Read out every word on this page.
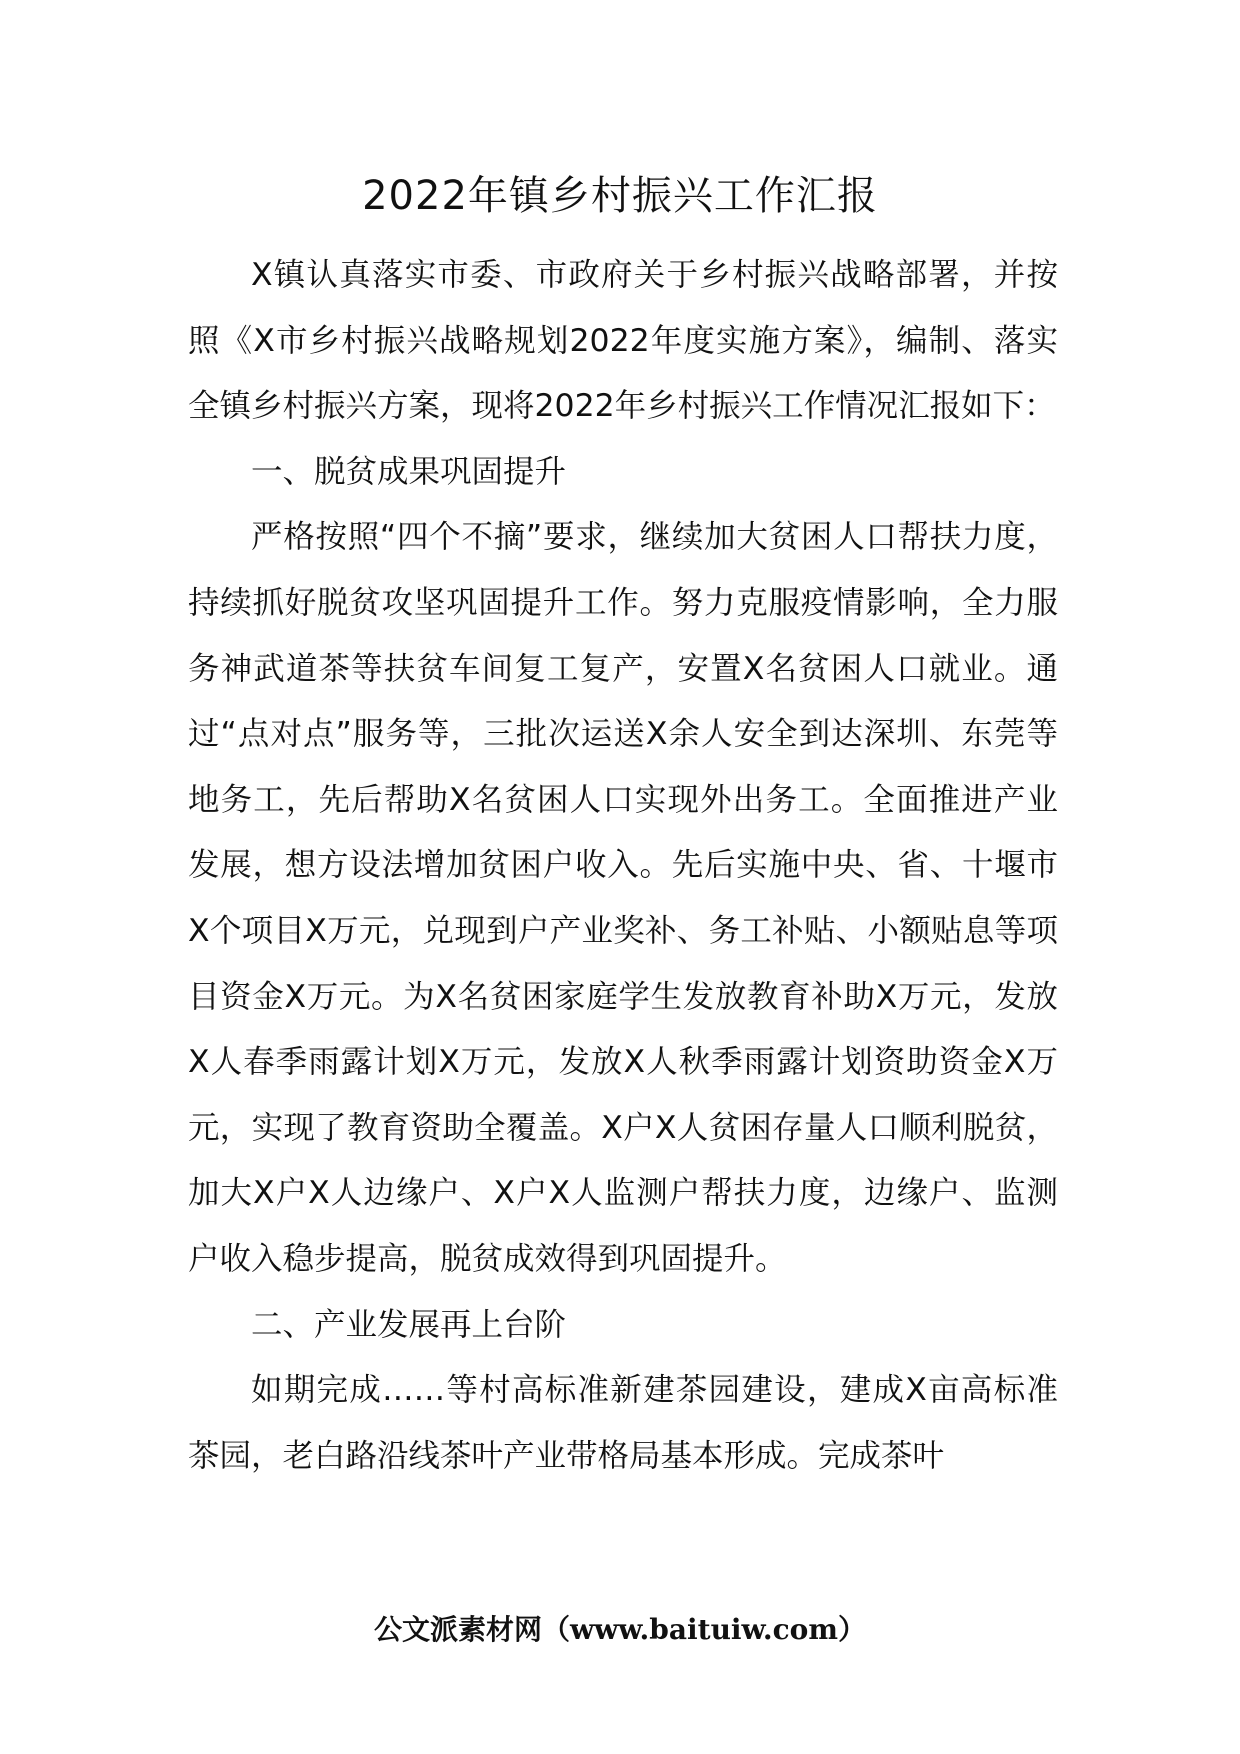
2022年镇乡村振兴工作汇报

X镇认真落实市委、市政府关于乡村振兴战略部署，并按照《X市乡村振兴战略规划2022年度实施方案》，编制、落实全镇乡村振兴方案，现将2022年乡村振兴工作情况汇报如下：

一、脱贫成果巩固提升

严格按照“四个不摘”要求，继续加大贫困人口帮扶力度，持续抓好脱贫攻坚巩固提升工作。努力克服疫情影响，全力服务神武道茶等扶贫车间复工复产，安置X名贫困人口就业。通过“点对点”服务等，三批次运送X余人安全到达深圳、东莞等地务工，先后帮助X名贫困人口实现外出务工。全面推进产业发展，想方设法增加贫困户收入。先后实施中央、省、十堰市X个项目X万元，兑现到户产业奖补、务工补贴、小额贴息等项目资金X万元。为X名贫困家庭学生发放教育补助X万元，发放X人春季雨露计划X万元，发放X人秋季雨露计划资助资金X万元，实现了教育资助全覆盖。X户X人贫困存量人口顺利脱贫，加大X户X人边缘户、X户X人监测户帮扶力度，边缘户、监测户收入稳步提高，脱贫成效得到巩固提升。

二、产业发展再上台阶

如期完成……等村高标准新建茶园建设，建成X亩高标准茶园，老白路沿线茶叶产业带格局基本形成。完成茶叶

公文派素材网（www.baituiw.com）
